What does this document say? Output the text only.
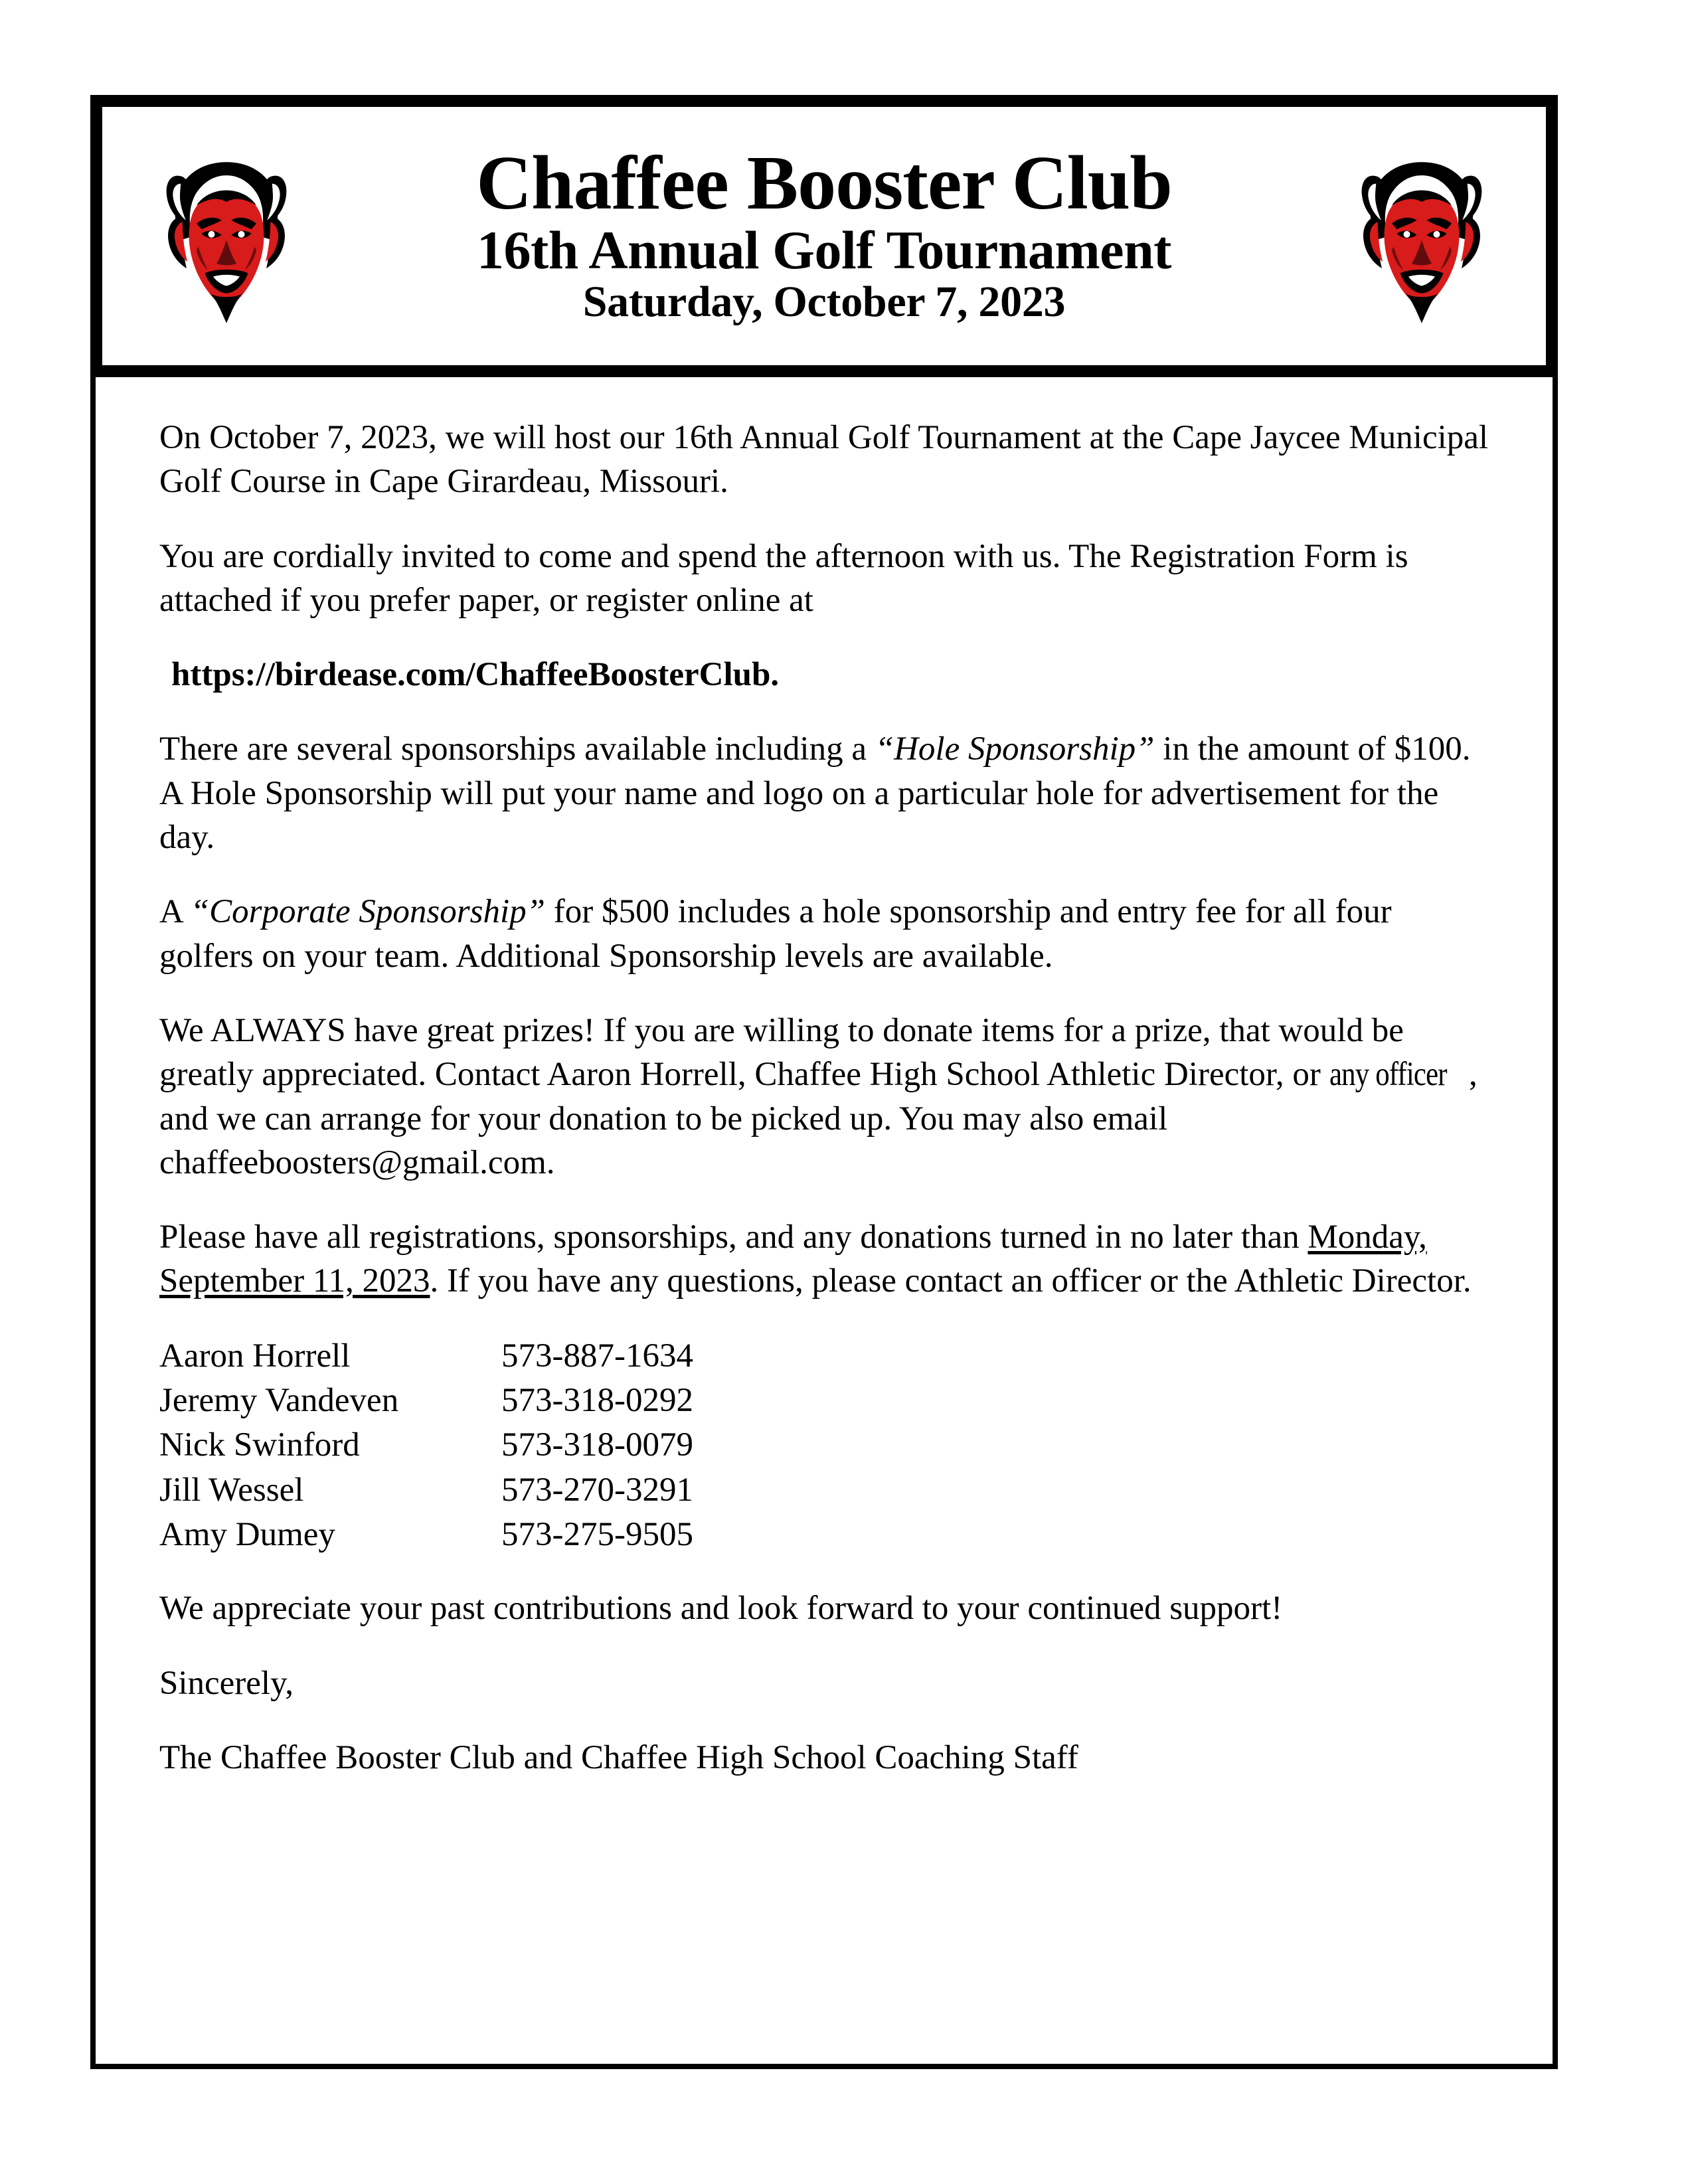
Chaffee Booster Club
16th Annual Golf Tournament
Saturday, October 7, 2023

On October 7, 2023, we will host our 16th Annual Golf Tournament at the Cape Jaycee Municipal Golf Course in Cape Girardeau, Missouri.

You are cordially invited to come and spend the afternoon with us. The Registration Form is attached if you prefer paper, or register online at

https://birdease.com/ChaffeeBoosterClub.

There are several sponsorships available including a “Hole Sponsorship” in the amount of $100. A Hole Sponsorship will put your name and logo on a particular hole for advertisement for the day.

A “Corporate Sponsorship” for $500 includes a hole sponsorship and entry fee for all four golfers on your team. Additional Sponsorship levels are available.

We ALWAYS have great prizes! If you are willing to donate items for a prize, that would be greatly appreciated. Contact Aaron Horrell, Chaffee High School Athletic Director, or any officer , and we can arrange for your donation to be picked up. You may also email chaffeeboosters@gmail.com.

Please have all registrations, sponsorships, and any donations turned in no later than Monday, September 11, 2023. If you have any questions, please contact an officer or the Athletic Director.

Aaron Horrell	573-887-1634
Jeremy Vandeven	573-318-0292
Nick Swinford	573-318-0079
Jill Wessel	573-270-3291
Amy Dumey	573-275-9505

We appreciate your past contributions and look forward to your continued support!

Sincerely,

The Chaffee Booster Club and Chaffee High School Coaching Staff
